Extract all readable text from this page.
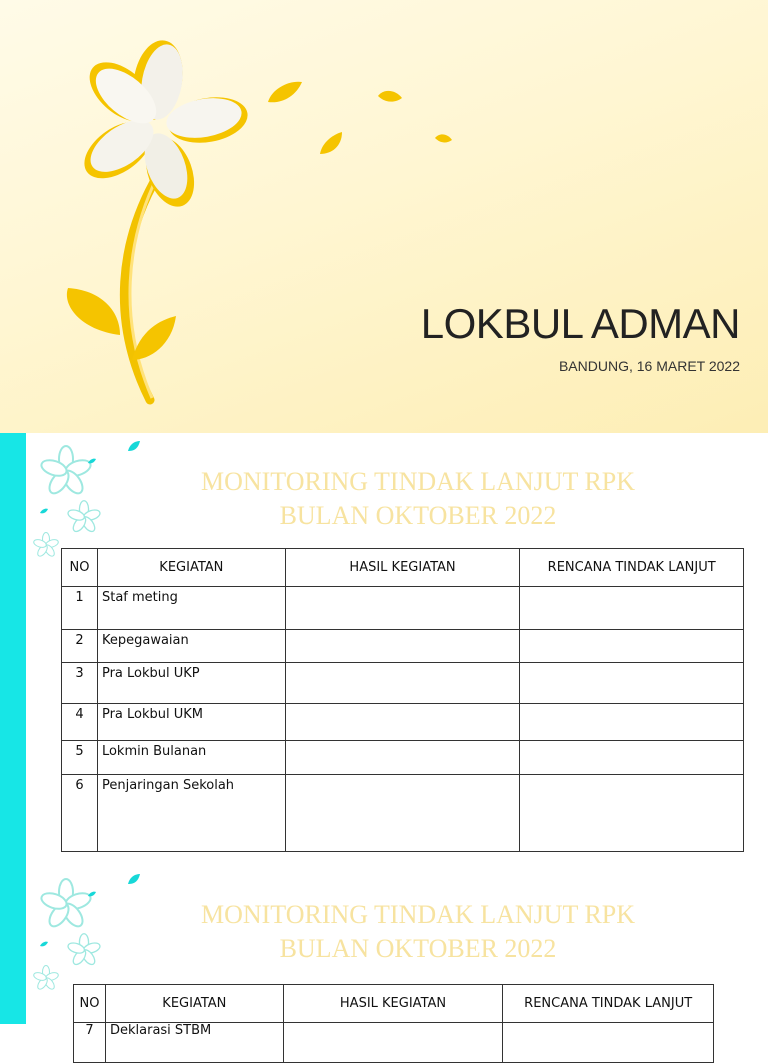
LOKBUL ADMAN
BANDUNG, 16 MARET 2022
MONITORING TINDAK LANJUT RPK
BULAN OKTOBER 2022
NO	KEGIATAN	HASIL KEGIATAN	RENCANA TINDAK LANJUT
1	Staf meting		
2	Kepegawaian		
3	Pra Lokbul UKP		
4	Pra Lokbul UKM		
5	Lokmin Bulanan		
6	Penjaringan Sekolah		
MONITORING TINDAK LANJUT RPK
BULAN OKTOBER 2022
NO	KEGIATAN	HASIL KEGIATAN	RENCANA TINDAK LANJUT
7	Deklarasi STBM		
